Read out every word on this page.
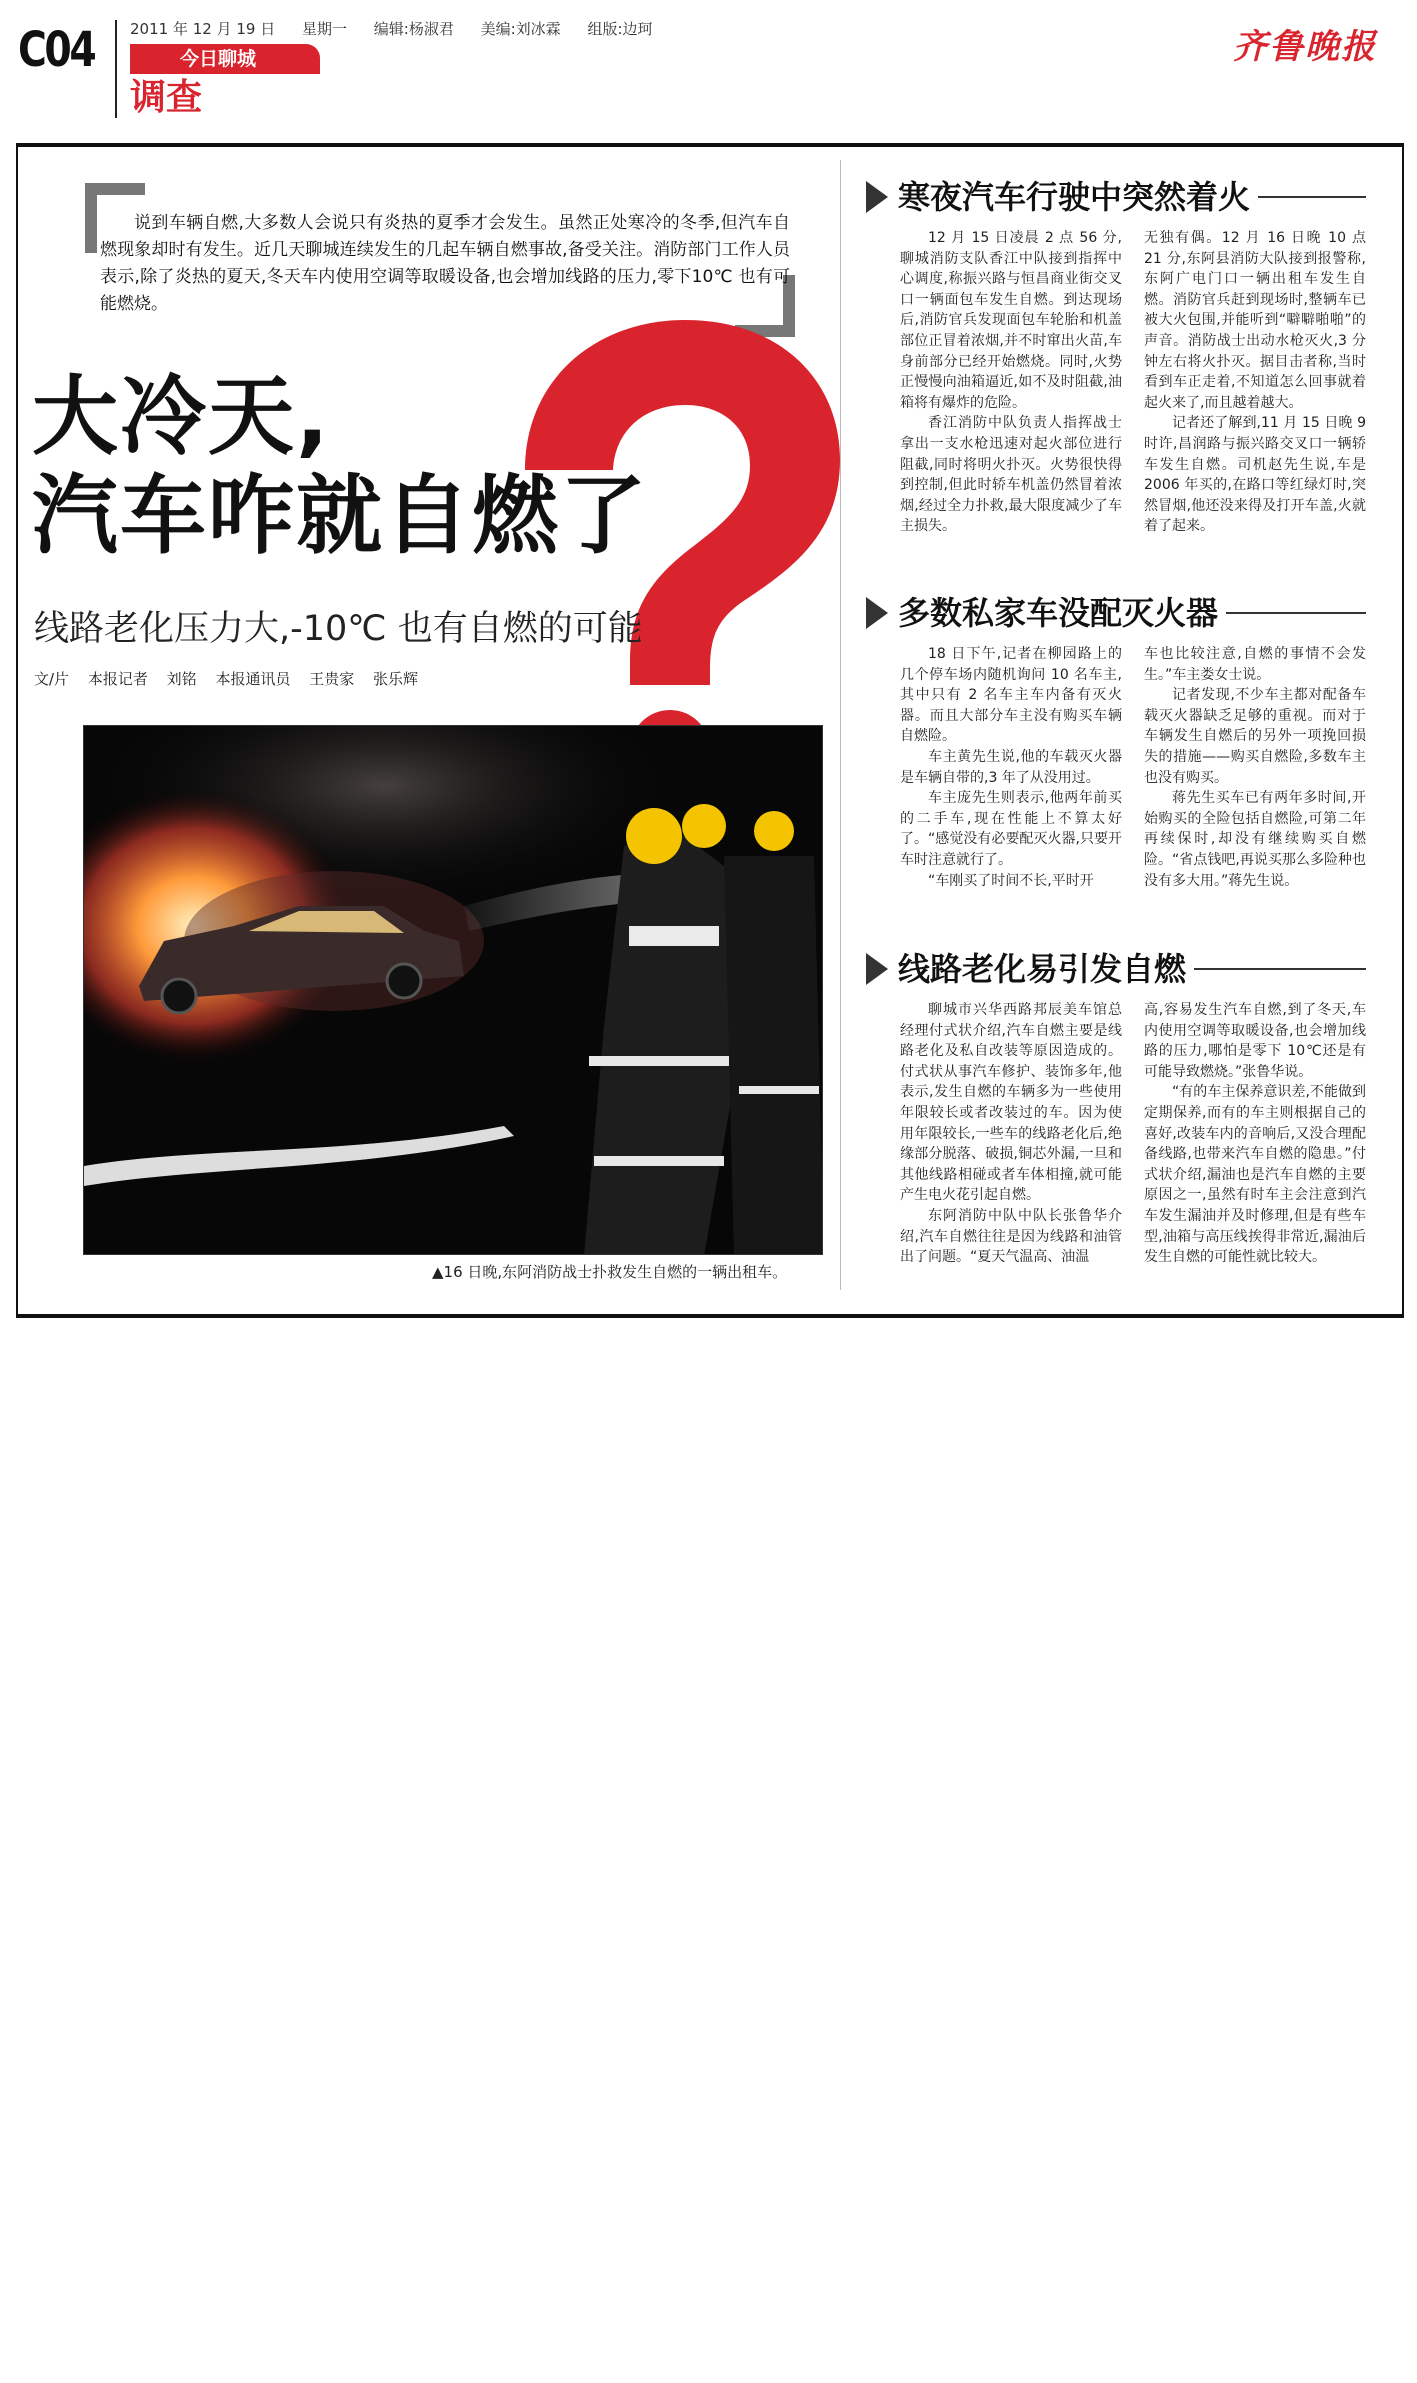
C04 2011 年 12 月 19 日 星期一 编辑:杨淑君 美编:刘冰霖 组版:边珂
今日聊城
调查
齐鲁晚报

说到车辆自燃,大多数人会说只有炎热的夏季才会发生。虽然正处寒冷的冬季,但汽车自燃现象却时有发生。近几天聊城连续发生的几起车辆自燃事故,备受关注。消防部门工作人员表示,除了炎热的夏天,冬天车内使用空调等取暖设备,也会增加线路的压力,零下10℃ 也有可能燃烧。

大冷天,
汽车咋就自燃了
线路老化压力大,-10℃ 也有自燃的可能
文/片 本报记者 刘铭 本报通讯员 王贵家 张乐辉
▲16 日晚,东阿消防战士扑救发生自燃的一辆出租车。
寒夜汽车行驶中突然着火

12 月 15 日凌晨 2 点 56 分,聊城消防支队香江中队接到指挥中心调度,称振兴路与恒昌商业街交叉口一辆面包车发生自燃。到达现场后,消防官兵发现面包车轮胎和机盖部位正冒着浓烟,并不时窜出火苗,车身前部分已经开始燃烧。同时,火势正慢慢向油箱逼近,如不及时阻截,油箱将有爆炸的危险。

香江消防中队负责人指挥战士拿出一支水枪迅速对起火部位进行阻截,同时将明火扑灭。火势很快得到控制,但此时轿车机盖仍然冒着浓烟,经过全力扑救,最大限度减少了车主损失。

无独有偶。12 月 16 日晚 10 点 21 分,东阿县消防大队接到报警称,东阿广电门口一辆出租车发生自燃。消防官兵赶到现场时,整辆车已被大火包围,并能听到“噼噼啪啪”的声音。消防战士出动水枪灭火,3 分钟左右将火扑灭。据目击者称,当时看到车正走着,不知道怎么回事就着起火来了,而且越着越大。

记者还了解到,11 月 15 日晚 9 时许,昌润路与振兴路交叉口一辆轿车发生自燃。司机赵先生说,车是 2006 年买的,在路口等红绿灯时,突然冒烟,他还没来得及打开车盖,火就着了起来。

多数私家车没配灭火器

18 日下午,记者在柳园路上的几个停车场内随机询问 10 名车主,其中只有 2 名车主车内备有灭火器。而且大部分车主没有购买车辆自燃险。

车主黄先生说,他的车载灭火器是车辆自带的,3 年了从没用过。

车主庞先生则表示,他两年前买的二手车,现在性能上不算太好了。“感觉没有必要配灭火器,只要开车时注意就行了。

“车刚买了时间不长,平时开

车也比较注意,自燃的事情不会发生。”车主娄女士说。

记者发现,不少车主都对配备车载灭火器缺乏足够的重视。而对于车辆发生自燃后的另外一项挽回损失的措施——购买自燃险,多数车主也没有购买。

蒋先生买车已有两年多时间,开始购买的全险包括自燃险,可第二年再续保时,却没有继续购买自燃险。“省点钱吧,再说买那么多险种也没有多大用。”蒋先生说。

线路老化易引发自燃

聊城市兴华西路邦辰美车馆总经理付式状介绍,汽车自燃主要是线路老化及私自改装等原因造成的。付式状从事汽车修护、装饰多年,他表示,发生自燃的车辆多为一些使用年限较长或者改装过的车。因为使用年限较长,一些车的线路老化后,绝缘部分脱落、破损,铜芯外漏,一旦和其他线路相碰或者车体相撞,就可能产生电火花引起自燃。

东阿消防中队中队长张鲁华介绍,汽车自燃往往是因为线路和油管出了问题。“夏天气温高、油温

高,容易发生汽车自燃,到了冬天,车内使用空调等取暖设备,也会增加线路的压力,哪怕是零下 10℃还是有可能导致燃烧。”张鲁华说。

“有的车主保养意识差,不能做到定期保养,而有的车主则根据自己的喜好,改装车内的音响后,又没合理配备线路,也带来汽车自燃的隐患。”付式状介绍,漏油也是汽车自燃的主要原因之一,虽然有时车主会注意到汽车发生漏油并及时修理,但是有些车型,油箱与高压线挨得非常近,漏油后发生自燃的可能性就比较大。
